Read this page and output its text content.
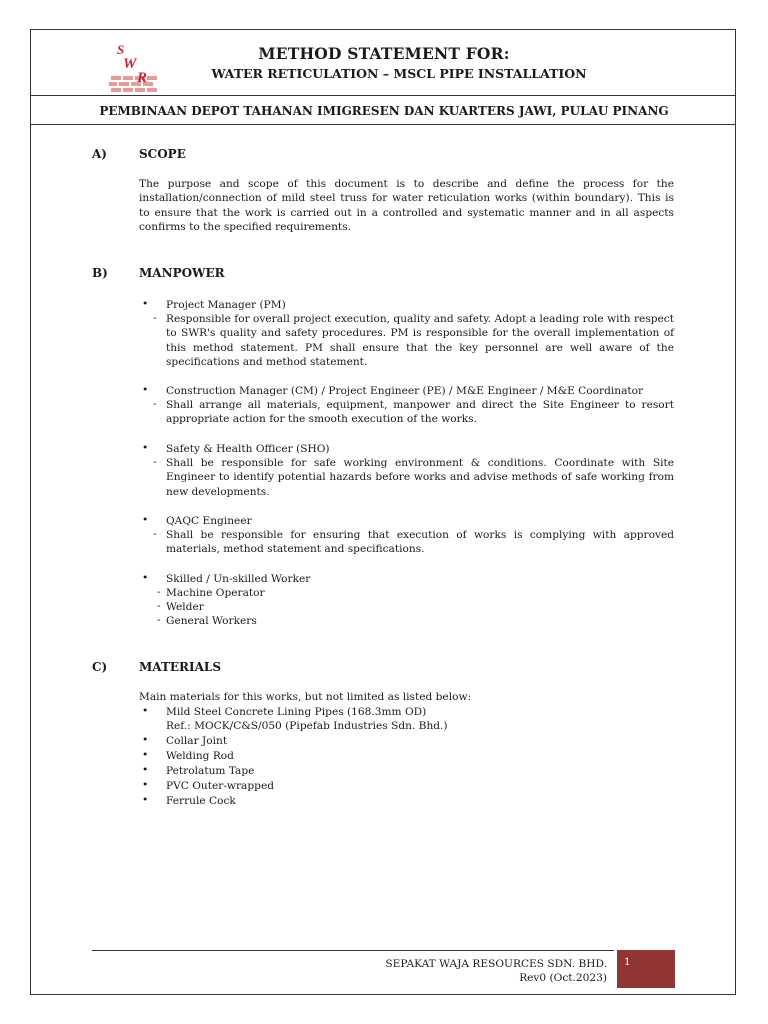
S
W
R
METHOD STATEMENT FOR:
WATER RETICULATION – MSCL PIPE INSTALLATION
PEMBINAAN DEPOT TAHANAN IMIGRESEN DAN KUARTERS JAWI, PULAU PINANG
A)	SCOPE
The purpose and scope of this document is to describe and define the process for the
installation/connection of mild steel truss for water reticulation works (within boundary). This is
to ensure that the work is carried out in a controlled and systematic manner and in all aspects
confirms to the specified requirements.
B)	MANPOWER
• Project Manager (PM)
- Responsible for overall project execution, quality and safety. Adopt a leading role with respect
to SWR's quality and safety procedures. PM is responsible for the overall implementation of
this method statement. PM shall ensure that the key personnel are well aware of the
specifications and method statement.
• Construction Manager (CM) / Project Engineer (PE) / M&E Engineer / M&E Coordinator
- Shall arrange all materials, equipment, manpower and direct the Site Engineer to resort
appropriate action for the smooth execution of the works.
• Safety & Health Officer (SHO)
- Shall be responsible for safe working environment & conditions. Coordinate with Site
Engineer to identify potential hazards before works and advise methods of safe working from
new developments.
• QAQC Engineer
- Shall be responsible for ensuring that execution of works is complying with approved
materials, method statement and specifications.
• Skilled / Un-skilled Worker
- Machine Operator
- Welder
- General Workers
C)	MATERIALS
Main materials for this works, but not limited as listed below:
• Mild Steel Concrete Lining Pipes (168.3mm OD)
Ref.: MOCK/C&S/050 (Pipefab Industries Sdn. Bhd.)
• Collar Joint
• Welding Rod
• Petrolatum Tape
• PVC Outer-wrapped
• Ferrule Cock
SEPAKAT WAJA RESOURCES SDN. BHD.
Rev0 (Oct.2023)
1
